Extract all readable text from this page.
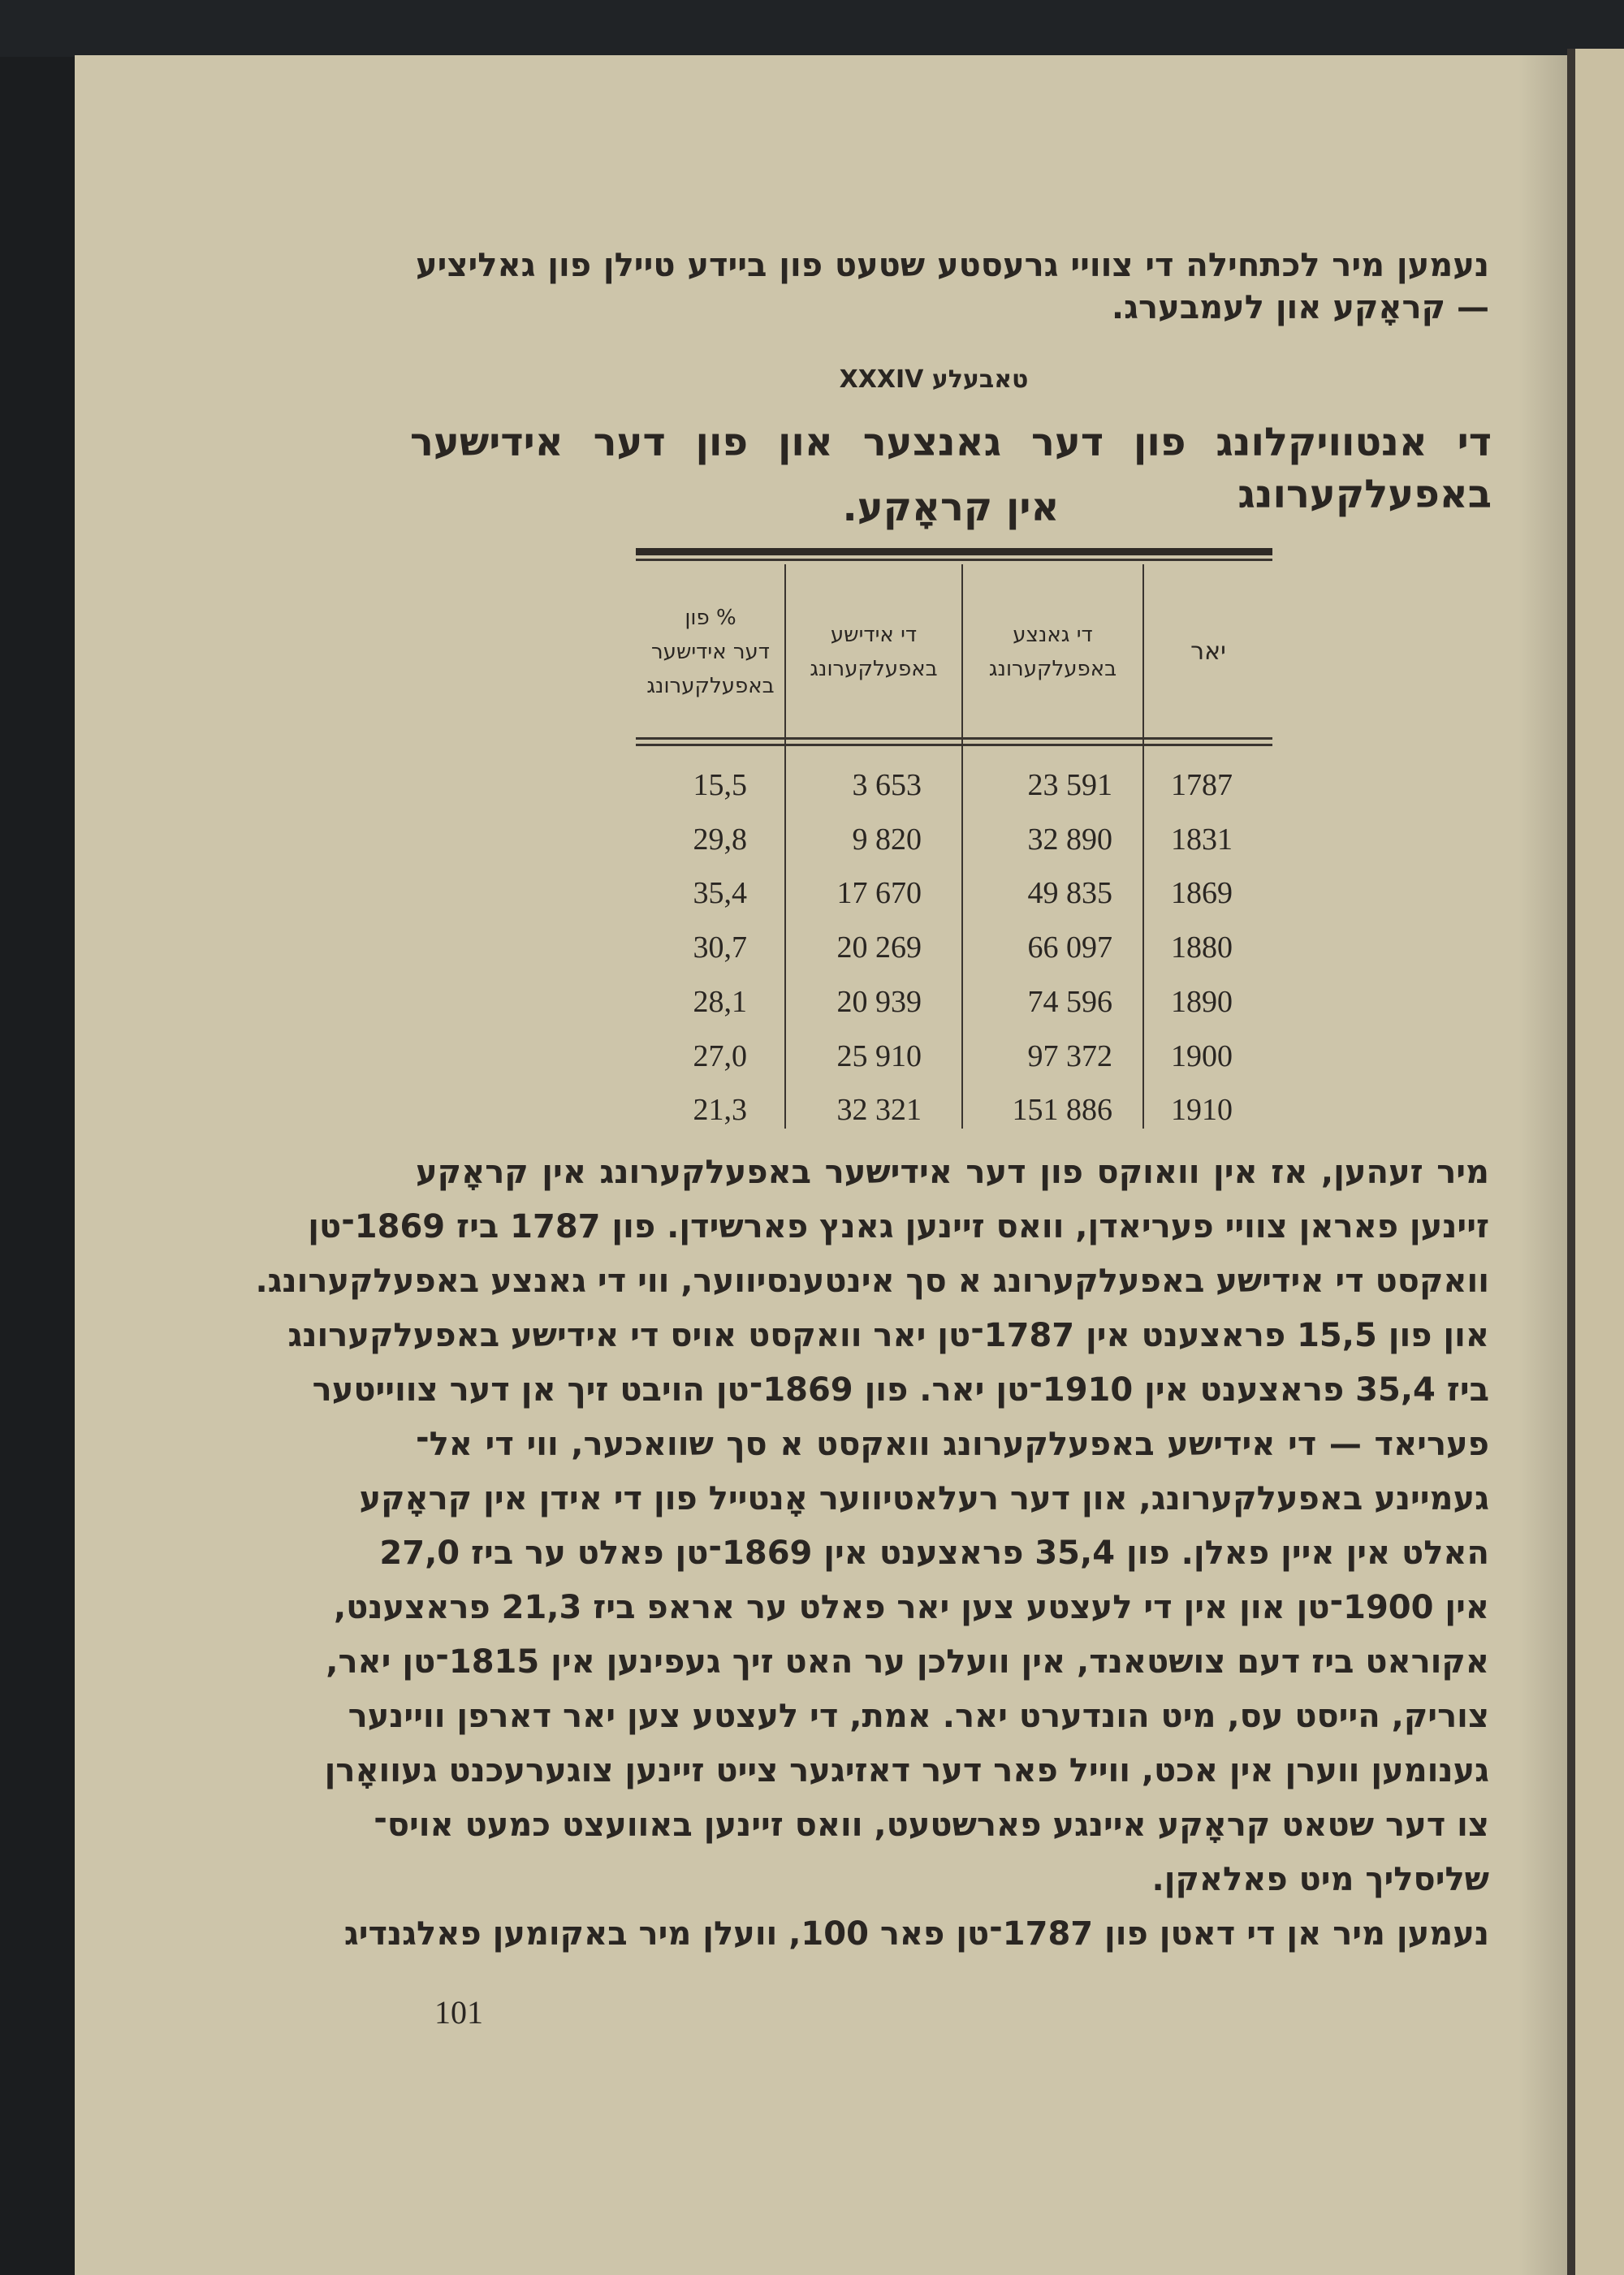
נעמען מיר לכתחילה די צוויי גרעסטע שטעט פון ביידע טיילן פון גאליציע
— קראָקע און לעמבערג.
טאבעלע XXXIV
די אנטוויקלונג פון דער גאנצער און פון דער אידישער באפעלקערונג
אין קראָקע.
% פון
דער אידישער
באפעלקערונג
די אידישע
באפעלקערונג
די גאנצע
באפעלקערונג
יאר
15,5	3 653	23 591	1787
29,8	9 820	32 890	1831
35,4	17 670	49 835	1869
30,7	20 269	66 097	1880
28,1	20 939	74 596	1890
27,0	25 910	97 372	1900
21,3	32 321	151 886	1910
מיר זעהען, אז אין וואוקס פון דער אידישער באפעלקערונג אין קראָקע
זיינען פאראן צוויי פעריאדן, וואס זיינען גאנץ פארשידן. פון 1787 ביז 1869־טן
וואקסט די אידישע באפעלקערונג א סך אינטענסיווער, ווי די גאנצע באפעלקערונג.
און פון 15,5 פראצענט אין 1787־טן יאר וואקסט אויס די אידישע באפעלקערונג
ביז 35,4 פראצענט אין 1910־טן יאר. פון 1869־טן הויבט זיך אן דער צווייטער
פעריאד — די אידישע באפעלקערונג וואקסט א סך שוואכער, ווי די אל־
געמיינע באפעלקערונג, און דער רעלאטיווער אָנטייל פון די אידן אין קראָקע
האלט אין איין פאלן. פון 35,4 פראצענט אין 1869־טן פאלט ער ביז 27,0
אין 1900־טן און אין די לעצטע צען יאר פאלט ער אראפ ביז 21,3 פראצענט,
אקוראט ביז דעם צושטאנד, אין וועלכן ער האט זיך געפינען אין 1815־טן יאר,
צוריק, הייסט עס, מיט הונדערט יאר. אמת, די לעצטע צען יאר דארפן וויינער
גענומען ווערן אין אכט, ווייל פאר דער דאזיגער צייט זיינען צוגערעכנט געוואָרן
צו דער שטאט קראָקע איינגע פארשטעט, וואס זיינען באוועצט כמעט אויס־
שליסליך מיט פאלאקן.
נעמען מיר אן די דאטן פון 1787־טן פאר 100, וועלן מיר באקומען פאלגנדיג
101
